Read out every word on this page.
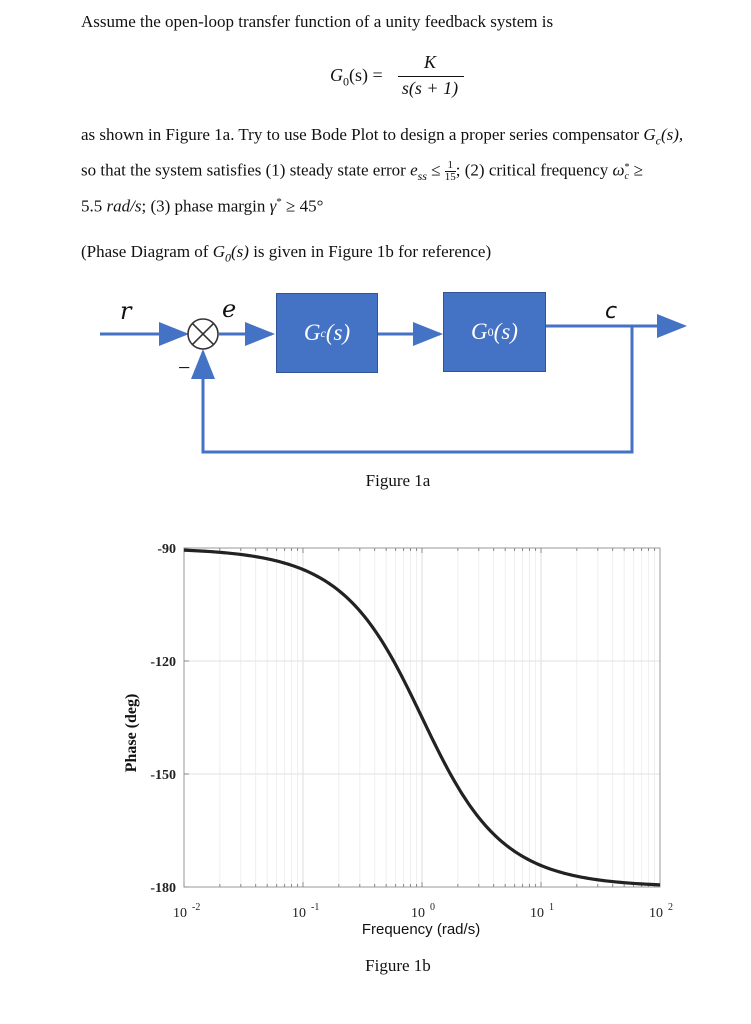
Assume the open-loop transfer function of a unity feedback system is
$G_0(s)$ =
K
s(s + 1)
as shown in Figure 1a. Try to use Bode Plot to design a proper series compensator $G_c(s)$,
so that the system satisfies (1) steady state error $e_{ss} \le \frac{1}{15}$ ; (2) critical frequency ω *
c ≥
5.5 rad/s; (3) phase margin γ* ≥ 45°
(Phase Diagram of $G_0(s)$ is given in Figure 1b for reference)
r	e	c
−
G c (s)	G 0 (s)
Figure 1a
-90
-120
-150
-180
10 -2	10 -1	10 0	10 1	10 2
Phase (deg)
Frequency (rad/s)
Figure 1b
